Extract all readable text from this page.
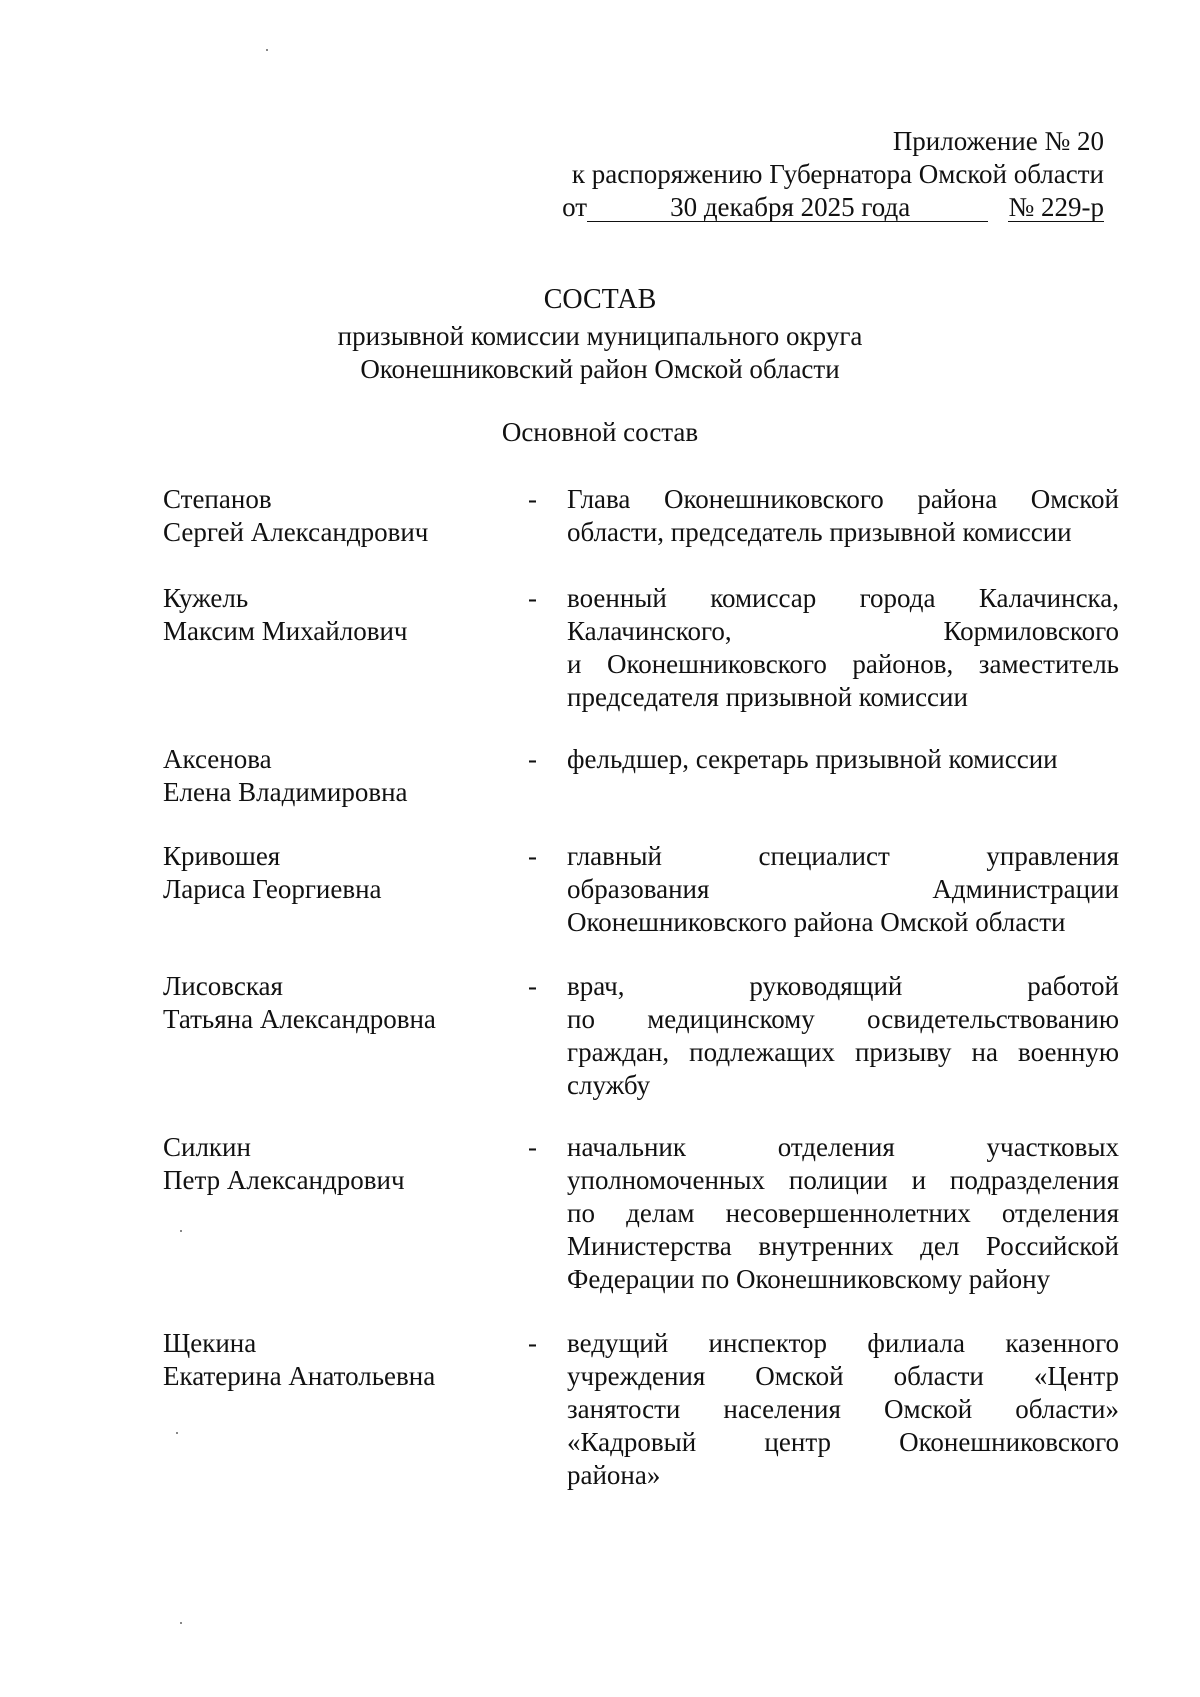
Приложение № 20
к распоряжению Губернатора Омской области
от	30 декабря 2025 года	№ 229-р
СОСТАВ
призывной комиссии муниципального округа
Оконешниковский район Омской области
Основной состав
Степанов
Сергей Александрович
- Глава Оконешниковского района Омской
области, председатель призывной комиссии
Кужель
Максим Михайлович
- военный комиссар города Калачинска,
Калачинского, Кормиловского
и Оконешниковского районов, заместитель
председателя призывной комиссии
Аксенова
Елена Владимировна
- фельдшер, секретарь призывной комиссии
Кривошея
Лариса Георгиевна
- главный специалист управления
образования Администрации
Оконешниковского района Омской области
Лисовская
Татьяна Александровна
- врач, руководящий работой
по медицинскому освидетельствованию
граждан, подлежащих призыву на военную
службу
Силкин
Петр Александрович
- начальник отделения участковых
уполномоченных полиции и подразделения
по делам несовершеннолетних отделения
Министерства внутренних дел Российской
Федерации по Оконешниковскому району
Щекина
Екатерина Анатольевна
- ведущий инспектор филиала казенного
учреждения Омской области «Центр
занятости населения Омской области»
«Кадровый центр Оконешниковского
района»
